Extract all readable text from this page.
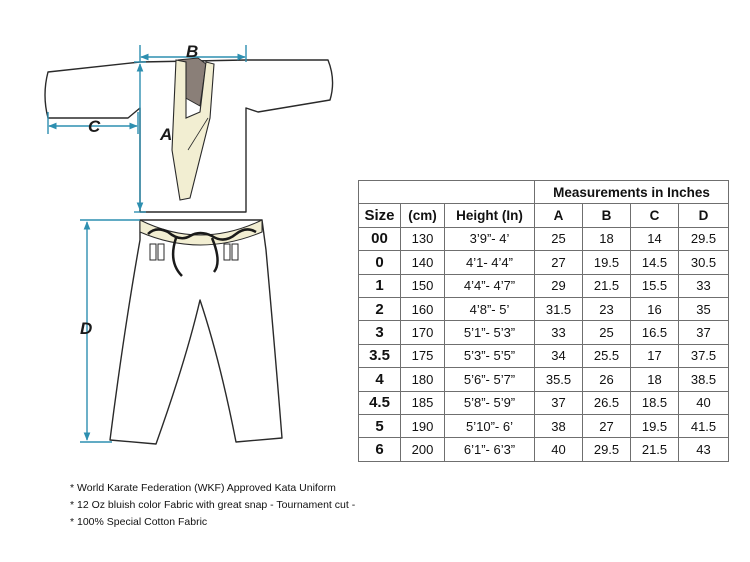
B
A
C
D
			Measurements in Inches			
Size	(cm)	Height (In)	A	B	C	D
00	130	3’9”- 4’	25	18	14	29.5
0	140	4’1- 4’4”	27	19.5	14.5	30.5
1	150	4’4”- 4’7”	29	21.5	15.5	33
2	160	4’8”- 5’	31.5	23	16	35
3	170	5’1”- 5’3”	33	25	16.5	37
3.5	175	5’3”- 5’5”	34	25.5	17	37.5
4	180	5’6”- 5’7”	35.5	26	18	38.5
4.5	185	5’8”- 5’9”	37	26.5	18.5	40
5	190	5’10”- 6’	38	27	19.5	41.5
6	200	6’1”- 6’3”	40	29.5	21.5	43
* World Karate Federation (WKF) Approved Kata Uniform
* 12 Oz bluish color Fabric with great snap - Tournament cut -
* 100% Special Cotton Fabric
